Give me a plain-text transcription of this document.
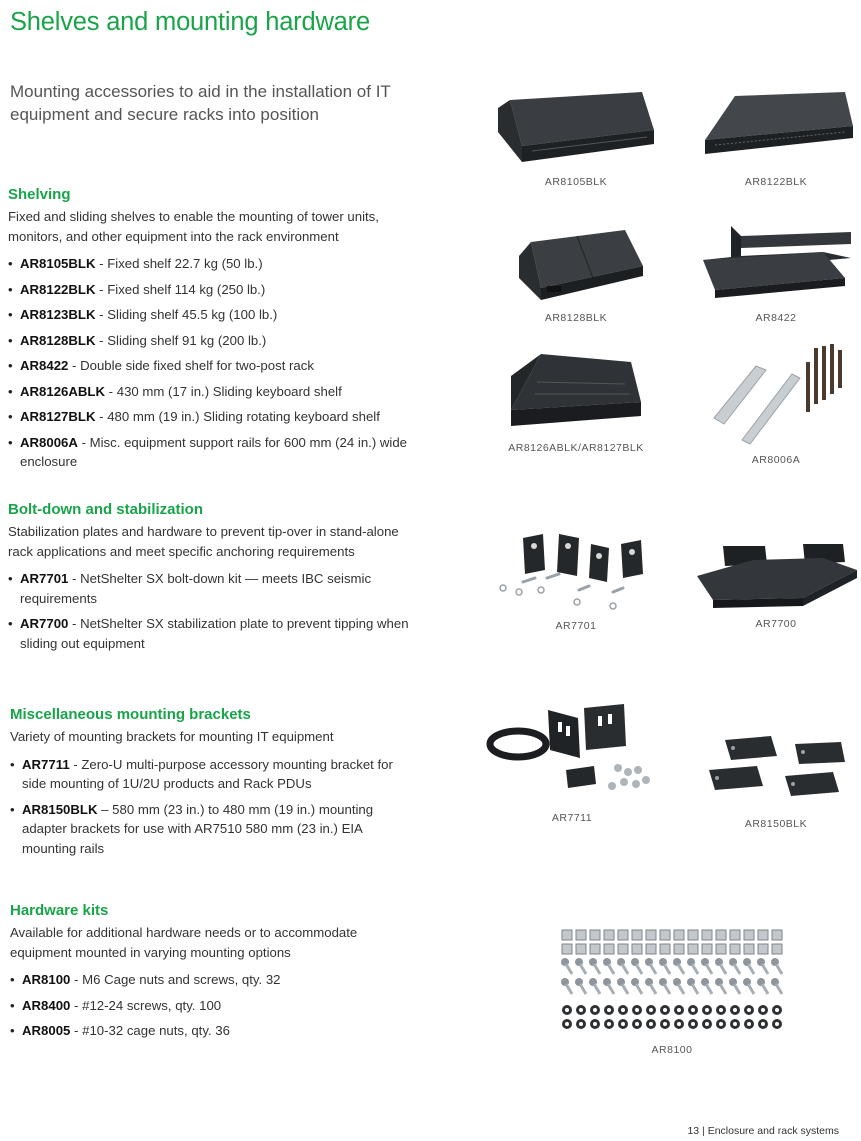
Shelves and mounting hardware

Mounting accessories to aid in the installation of IT equipment and secure racks into position

Shelving

Fixed and sliding shelves to enable the mounting of tower units, monitors, and other equipment into the rack environment

• AR8105BLK - Fixed shelf 22.7 kg (50 lb.)
• AR8122BLK - Fixed shelf 114 kg (250 lb.)
• AR8123BLK - Sliding shelf 45.5 kg (100 lb.)
• AR8128BLK - Sliding shelf 91 kg (200 lb.)
• AR8422 - Double side fixed shelf for two-post rack
• AR8126ABLK - 430 mm (17 in.) Sliding keyboard shelf
• AR8127BLK - 480 mm (19 in.) Sliding rotating keyboard shelf
• AR8006A - Misc. equipment support rails for 600 mm (24 in.) wide enclosure
Bolt-down and stabilization

Stabilization plates and hardware to prevent tip-over in stand-alone rack applications and meet specific anchoring requirements

• AR7701 - NetShelter SX bolt-down kit — meets IBC seismic requirements
• AR7700 - NetShelter SX stabilization plate to prevent tipping when sliding out equipment
Miscellaneous mounting brackets

Variety of mounting brackets for mounting IT equipment

• AR7711 - Zero-U multi-purpose accessory mounting bracket for side mounting of 1U/2U products and Rack PDUs
• AR8150BLK – 580 mm (23 in.) to 480 mm (19 in.) mounting adapter brackets for use with AR7510 580 mm (23 in.) EIA mounting rails
Hardware kits

Available for additional hardware needs or to accommodate equipment mounted in varying mounting options

• AR8100 - M6 Cage nuts and screws, qty. 32
• AR8400 - #12-24 screws, qty. 100
• AR8005 - #10-32 cage nuts, qty. 36
AR8105BLK	AR8122BLK
AR8128BLK	AR8422
AR8126ABLK/AR8127BLK
AR8006A
AR7701	AR7700
AR7711	AR8150BLK
AR8100
13 | Enclosure and rack systems
